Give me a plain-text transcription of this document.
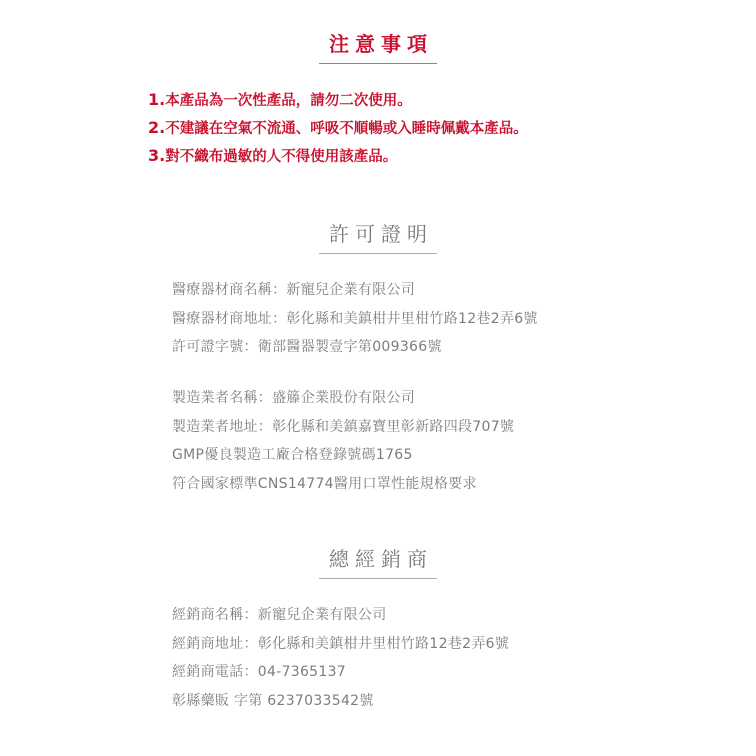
注意事項
1.本產品為一次性產品，請勿二次使用。
2.不建議在空氣不流通、呼吸不順暢或入睡時佩戴本產品。
3.對不織布過敏的人不得使用該產品。
許可證明
醫療器材商名稱：新寵兒企業有限公司
醫療器材商地址：彰化縣和美鎮柑井里柑竹路12巷2弄6號
許可證字號：衛部醫器製壹字第009366號
製造業者名稱：盛籐企業股份有限公司
製造業者地址：彰化縣和美鎮嘉寶里彰新路四段707號
GMP優良製造工廠合格登錄號碼1765
符合國家標準CNS14774醫用口罩性能規格要求
總經銷商
經銷商名稱：新寵兒企業有限公司
經銷商地址：彰化縣和美鎮柑井里柑竹路12巷2弄6號
經銷商電話：04-7365137
彰縣藥販 字第 6237033542號
